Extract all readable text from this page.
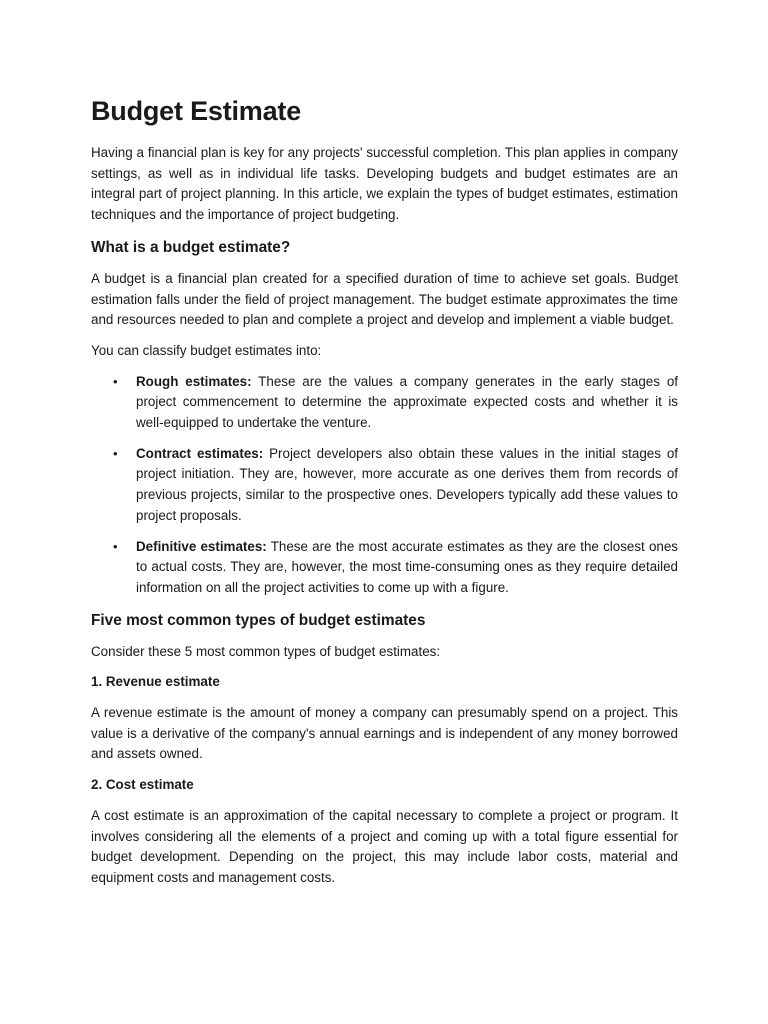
Budget Estimate

Having a financial plan is key for any projects' successful completion. This plan applies in company settings, as well as in individual life tasks. Developing budgets and budget estimates are an integral part of project planning. In this article, we explain the types of budget estimates, estimation techniques and the importance of project budgeting.

What is a budget estimate?

A budget is a financial plan created for a specified duration of time to achieve set goals. Budget estimation falls under the field of project management. The budget estimate approximates the time and resources needed to plan and complete a project and develop and implement a viable budget.

You can classify budget estimates into:

• Rough estimates: These are the values a company generates in the early stages of project commencement to determine the approximate expected costs and whether it is well-equipped to undertake the venture.
• Contract estimates: Project developers also obtain these values in the initial stages of project initiation. They are, however, more accurate as one derives them from records of previous projects, similar to the prospective ones. Developers typically add these values to project proposals.
• Definitive estimates: These are the most accurate estimates as they are the closest ones to actual costs. They are, however, the most time-consuming ones as they require detailed information on all the project activities to come up with a figure.
Five most common types of budget estimates

Consider these 5 most common types of budget estimates:

1. Revenue estimate

A revenue estimate is the amount of money a company can presumably spend on a project. This value is a derivative of the company's annual earnings and is independent of any money borrowed and assets owned.

2. Cost estimate

A cost estimate is an approximation of the capital necessary to complete a project or program. It involves considering all the elements of a project and coming up with a total figure essential for budget development. Depending on the project, this may include labor costs, material and equipment costs and management costs.
